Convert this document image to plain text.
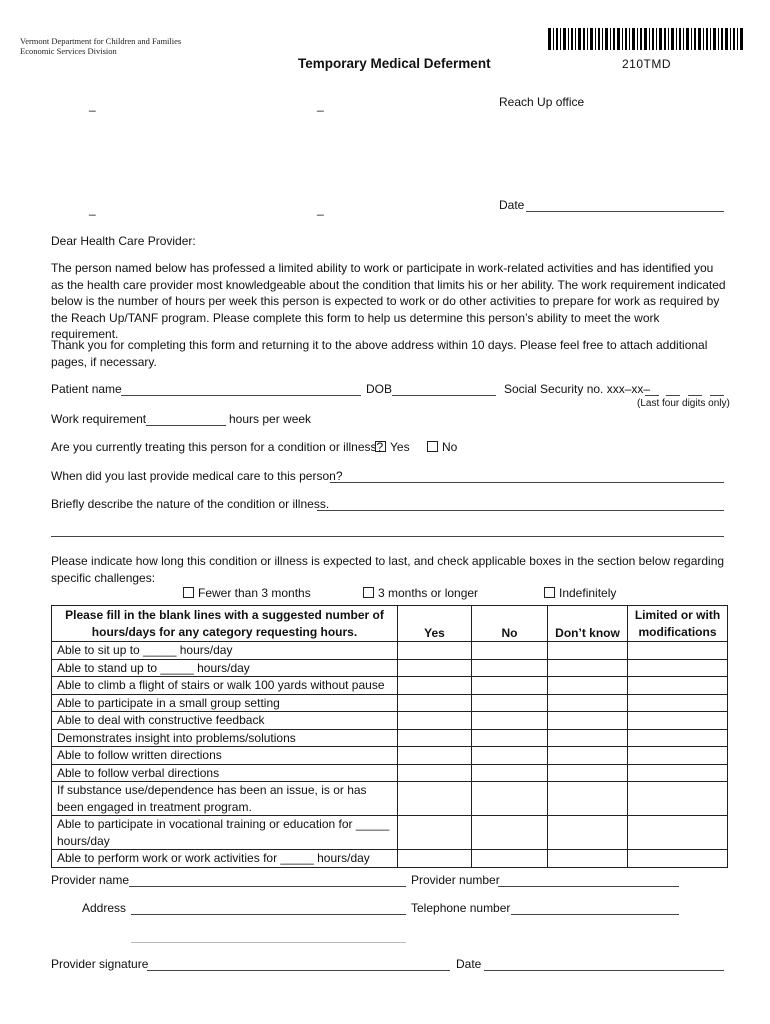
Vermont Department for Children and Families
Economic Services Division
Temporary Medical Deferment	210TMD
_	_	Reach Up office
_	_	Date
Dear Health Care Provider:
The person named below has professed a limited ability to work or participate in work-related activities and has identified you as the health care provider most knowledgeable about the condition that limits his or her ability. The work requirement indicated below is the number of hours per week this person is expected to work or do other activities to prepare for work as required by the Reach Up/TANF program. Please complete this form to help us determine this person’s ability to meet the work requirement.
Thank you for completing this form and returning it to the above address within 10 days. Please feel free to attach additional pages, if necessary.
Patient name	DOB	Social Security no. xxx–xx–
(Last four digits only)
Work requirement	hours per week
Are you currently treating this person for a condition or illness? Yes	No
When did you last provide medical care to this person?
Briefly describe the nature of the condition or illness.
Please indicate how long this condition or illness is expected to last, and check applicable boxes in the section below regarding specific challenges:
Fewer than 3 months	3 months or longer	Indefinitely
Please fill in the blank lines with a suggested number of hours/days for any category requesting hours.	Yes	No	Don’t know	Limited or with modifications
Able to sit up to _____ hours/day				
Able to stand up to _____ hours/day				
Able to climb a flight of stairs or walk 100 yards without pause				
Able to participate in a small group setting				
Able to deal with constructive feedback				
Demonstrates insight into problems/solutions				
Able to follow written directions				
Able to follow verbal directions				
If substance use/dependence has been an issue, is or has been engaged in treatment program.				
Able to participate in vocational training or education for _____ hours/day				
Able to perform work or work activities for _____ hours/day				
Provider name	Provider number
Address	Telephone number
Provider signature	Date
